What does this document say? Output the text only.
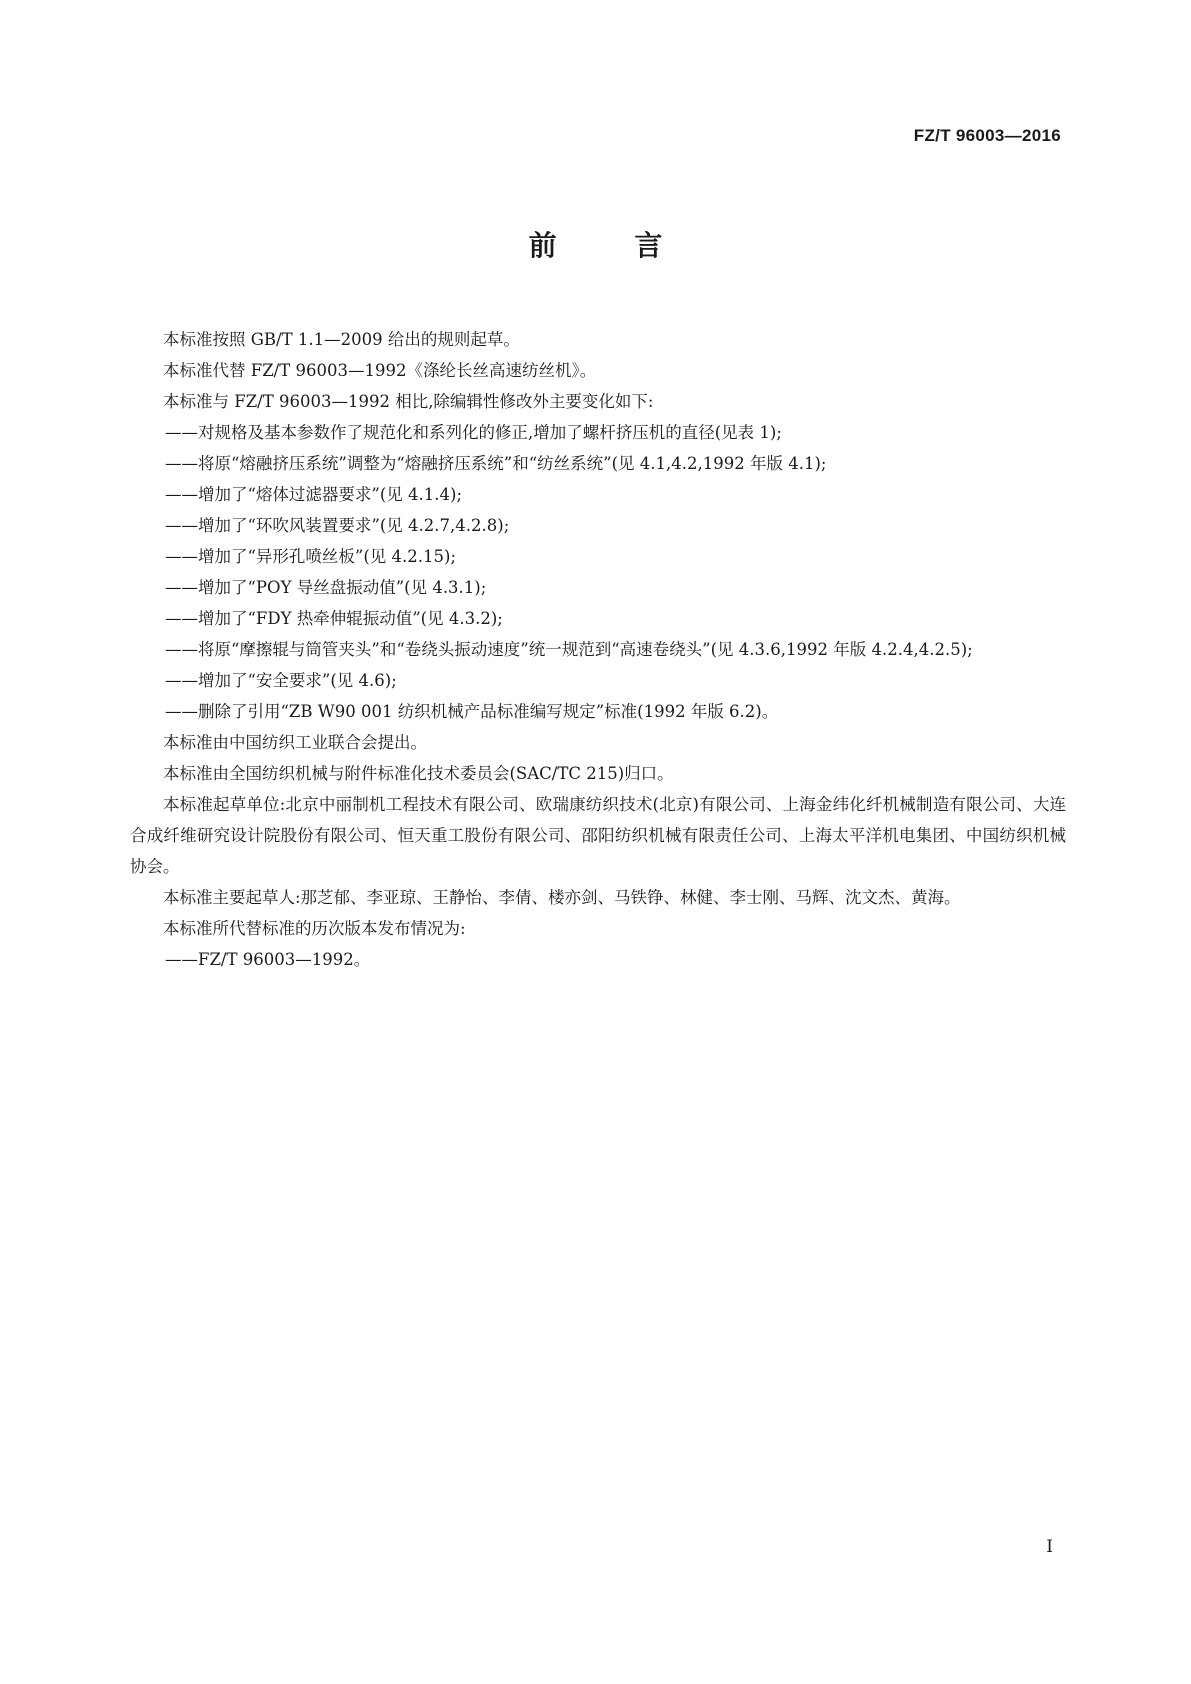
FZ/T 96003—2016
前 言

本标准按照 GB/T 1.1—2009 给出的规则起草。

本标准代替 FZ/T 96003—1992《涤纶长丝高速纺丝机》。

本标准与 FZ/T 96003—1992 相比,除编辑性修改外主要变化如下:

——对规格及基本参数作了规范化和系列化的修正,增加了螺杆挤压机的直径(见表 1);

——将原“熔融挤压系统”调整为“熔融挤压系统”和“纺丝系统”(见 4.1,4.2,1992 年版 4.1);

——增加了“熔体过滤器要求”(见 4.1.4);

——增加了“环吹风装置要求”(见 4.2.7,4.2.8);

——增加了“异形孔喷丝板”(见 4.2.15);

——增加了“POY 导丝盘振动值”(见 4.3.1);

——增加了“FDY 热牵伸辊振动值”(见 4.3.2);

——将原“摩擦辊与筒管夹头”和“卷绕头振动速度”统一规范到“高速卷绕头”(见 4.3.6,1992 年版 4.2.4,4.2.5);

——增加了“安全要求”(见 4.6);

——删除了引用“ZB W90 001 纺织机械产品标准编写规定”标准(1992 年版 6.2)。

本标准由中国纺织工业联合会提出。

本标准由全国纺织机械与附件标准化技术委员会(SAC/TC 215)归口。

本标准起草单位:北京中丽制机工程技术有限公司、欧瑞康纺织技术(北京)有限公司、上海金纬化纤机械制造有限公司、大连合成纤维研究设计院股份有限公司、恒天重工股份有限公司、邵阳纺织机械有限责任公司、上海太平洋机电集团、中国纺织机械协会。

本标准主要起草人:那芝郁、李亚琼、王静怡、李倩、楼亦剑、马铁铮、林健、李士刚、马辉、沈文杰、黄海。

本标准所代替标准的历次版本发布情况为:

——FZ/T 96003—1992。

I
